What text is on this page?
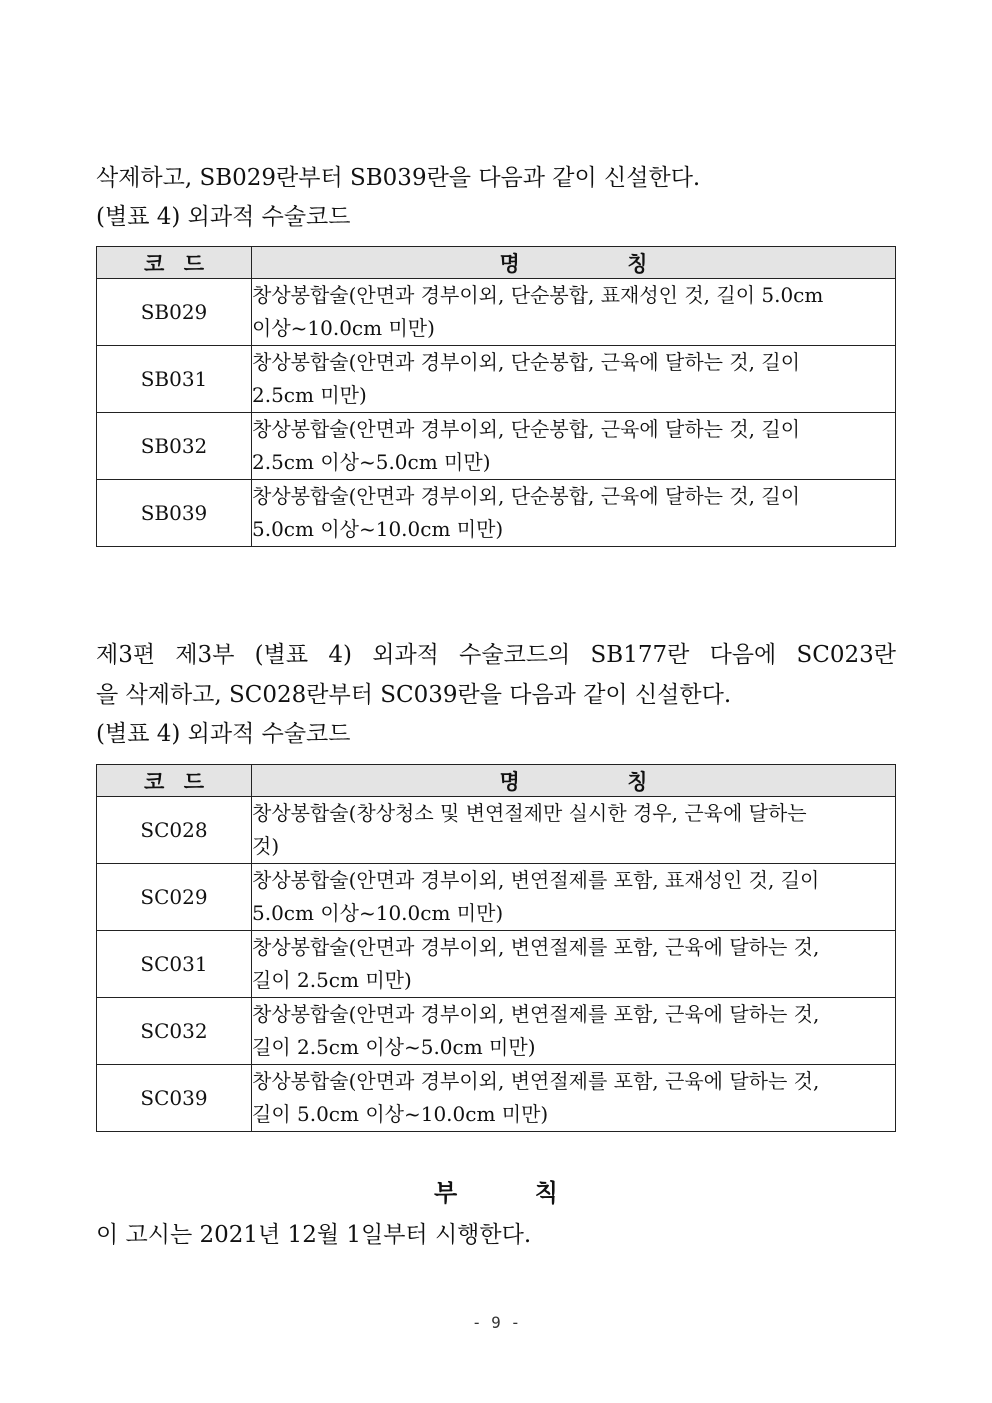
삭제하고, SB029란부터 SB039란을 다음과 같이 신설한다.
(별표 4) 외과적 수술코드
코 드	명 칭
SB029	창상봉합술(안면과 경부이외, 단순봉합, 표재성인 것, 길이 5.0cm
이상~10.0cm 미만)
SB031	창상봉합술(안면과 경부이외, 단순봉합, 근육에 달하는 것, 길이
2.5cm 미만)
SB032	창상봉합술(안면과 경부이외, 단순봉합, 근육에 달하는 것, 길이
2.5cm 이상~5.0cm 미만)
SB039	창상봉합술(안면과 경부이외, 단순봉합, 근육에 달하는 것, 길이
5.0cm 이상~10.0cm 미만)
제3편 제3부 (별표 4) 외과적 수술코드의 SB177란 다음에 SC023란
을 삭제하고, SC028란부터 SC039란을 다음과 같이 신설한다.
(별표 4) 외과적 수술코드
코 드	명 칭
SC028	창상봉합술(창상청소 및 변연절제만 실시한 경우, 근육에 달하는
것)
SC029	창상봉합술(안면과 경부이외, 변연절제를 포함, 표재성인 것, 길이
5.0cm 이상~10.0cm 미만)
SC031	창상봉합술(안면과 경부이외, 변연절제를 포함, 근육에 달하는 것,
길이 2.5cm 미만)
SC032	창상봉합술(안면과 경부이외, 변연절제를 포함, 근육에 달하는 것,
길이 2.5cm 이상~5.0cm 미만)
SC039	창상봉합술(안면과 경부이외, 변연절제를 포함, 근육에 달하는 것,
길이 5.0cm 이상~10.0cm 미만)
부 칙
이 고시는 2021년 12월 1일부터 시행한다.
- 9 -
